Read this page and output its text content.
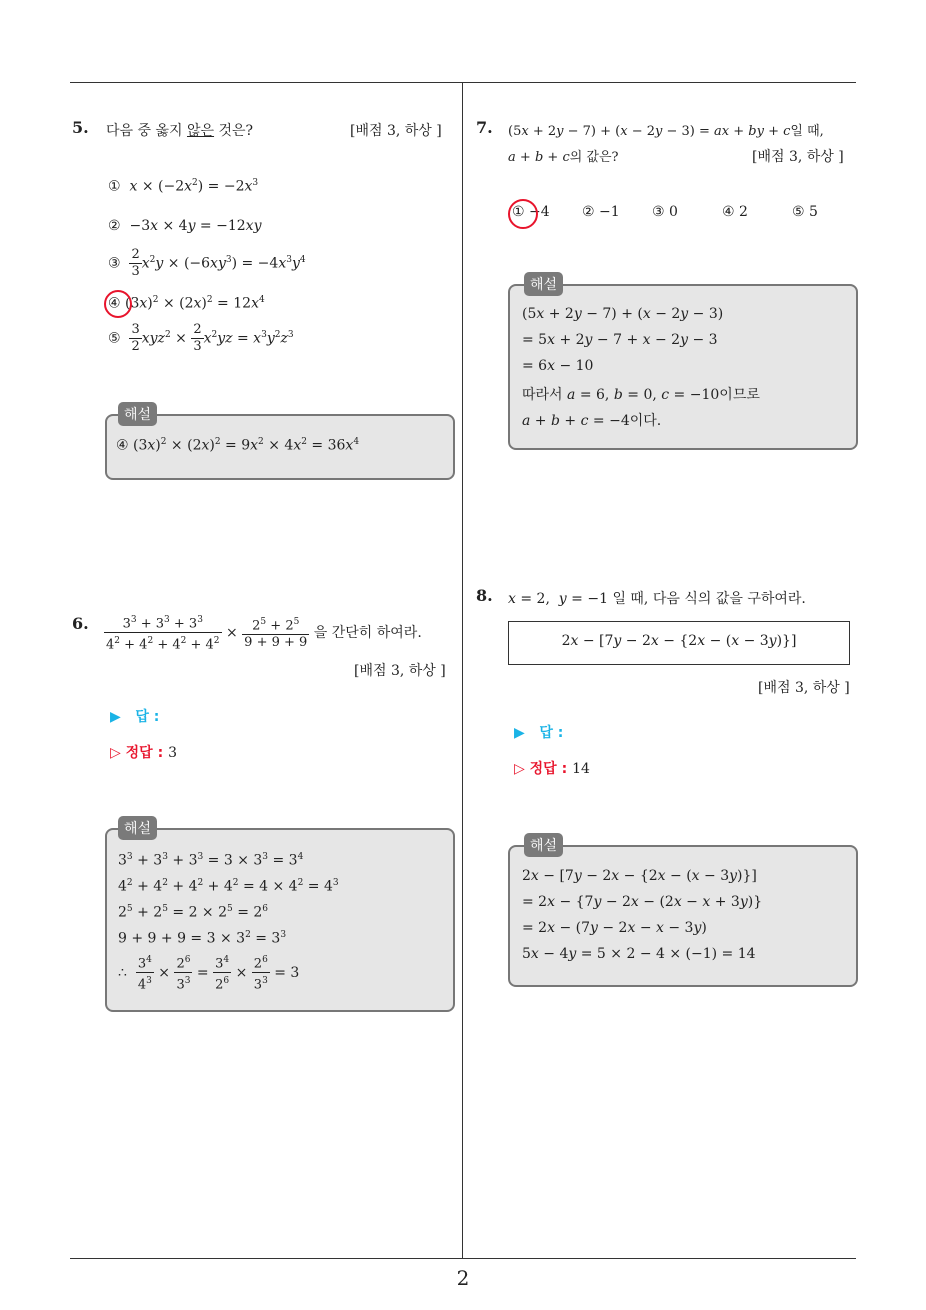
2
5. 다음 중 옳지 않은 것은?	[배점 3, 하상 ]
① $x \times (-2x^2) = -2x^3$
②  −3x × 4y = −12xy
③ $\frac{2}{3} x^2y \times (-6xy^3) = -4x^3y^4$
④ $(3x)^2 \times (2x)^2 = 12x^4$
⑤ $\frac{3}{2} xyz^2 \times \frac{2}{3} x^2yz = x^3y^2z^3$
해설
④ $(3x)^2 \times (2x)^2 = 9x^2 \times 4x^2 = 36x^4$
6. $\frac{3^3 + 3^3 + 3^3}{4^2 + 4^2 + 4^2 + 4^2} \times \frac{2^5 + 2^5}{9 + 9 + 9}$ 을 간단히 하여라.
[배점 3, 하상 ]
▶ 답 :
▷ 정답 : 3
해설
$3^3 + 3^3 + 3^3 = 3 \times 3^3 = 3^4$
$4^2 + 4^2 + 4^2 + 4^2 = 4 \times 4^2 = 4^3$
$2^5 + 2^5 = 2 \times 2^5 = 2^6$
$9 + 9 + 9 = 3 \times 3^2 = 3^3$
∴ $\frac{3^4}{4^3} \times \frac{2^6}{3^3} = \frac{3^4}{2^6} \times \frac{2^6}{3^3} = 3$
7. (5x + 2y − 7) + (x − 2y − 3) = ax + by + c일 때,
a + b + c의 값은?	[배점 3, 하상 ]
① −4 ② −1 ③ 0	④ 2	⑤ 5
해설
(5x + 2y − 7) + (x − 2y − 3)
= 5x + 2y − 7 + x − 2y − 3
= 6x − 10
따라서 a = 6, b = 0, c = −10이므로
a + b + c = −4이다.
8. x = 2,  y = −1 일 때, 다음 식의 값을 구하여라.
2x − [7y − 2x − {2x − (x − 3y)}]
[배점 3, 하상 ]
▶ 답 :
▷ 정답 : 14
해설
2x − [7y − 2x − {2x − (x − 3y)}]
= 2x − {7y − 2x − (2x − x + 3y)}
= 2x − (7y − 2x − x − 3y)
5x − 4y = 5 × 2 − 4 × (−1) = 14
